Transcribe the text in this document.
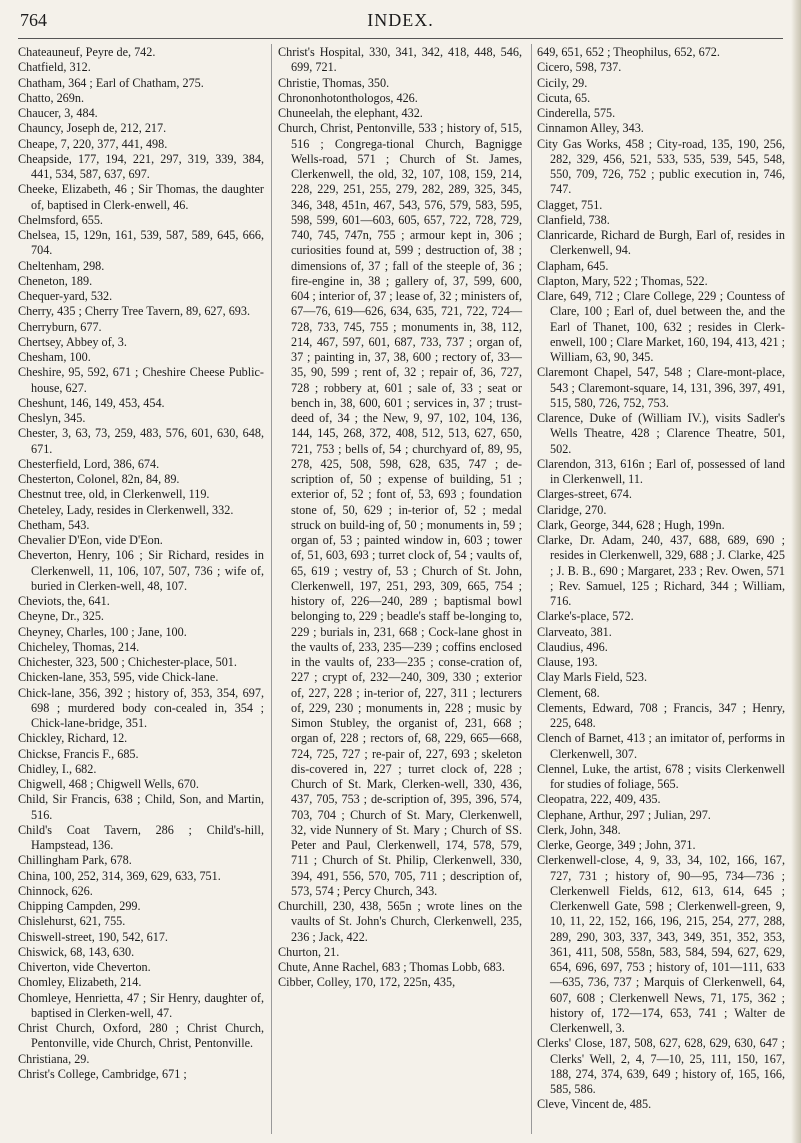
764	INDEX.

Chateauneuf, Peyre de, 742.

Chatfield, 312.

Chatham, 364 ; Earl of Chatham, 275.

Chatto, 269n.

Chaucer, 3, 484.

Chauncy, Joseph de, 212, 217.

Cheape, 7, 220, 377, 441, 498.

Cheapside, 177, 194, 221, 297, 319, 339, 384, 441, 534, 587, 637, 697.

Cheeke, Elizabeth, 46 ; Sir Thomas, the daughter of, baptised in Clerk-enwell, 46.

Chelmsford, 655.

Chelsea, 15, 129n, 161, 539, 587, 589, 645, 666, 704.

Cheltenham, 298.

Cheneton, 189.

Chequer-yard, 532.

Cherry, 435 ; Cherry Tree Tavern, 89, 627, 693.

Cherryburn, 677.

Chertsey, Abbey of, 3.

Chesham, 100.

Cheshire, 95, 592, 671 ; Cheshire Cheese Public-house, 627.

Cheshunt, 146, 149, 453, 454.

Cheslyn, 345.

Chester, 3, 63, 73, 259, 483, 576, 601, 630, 648, 671.

Chesterfield, Lord, 386, 674.

Chesterton, Colonel, 82n, 84, 89.

Chestnut tree, old, in Clerkenwell, 119.

Cheteley, Lady, resides in Clerkenwell, 332.

Chetham, 543.

Chevalier D'Eon, vide D'Eon.

Cheverton, Henry, 106 ; Sir Richard, resides in Clerkenwell, 11, 106, 107, 507, 736 ; wife of, buried in Clerken-well, 48, 107.

Cheviots, the, 641.

Cheyne, Dr., 325.

Cheyney, Charles, 100 ; Jane, 100.

Chicheley, Thomas, 214.

Chichester, 323, 500 ; Chichester-place, 501.

Chicken-lane, 353, 595, vide Chick-lane.

Chick-lane, 356, 392 ; history of, 353, 354, 697, 698 ; murdered body con-cealed in, 354 ; Chick-lane-bridge, 351.

Chickley, Richard, 12.

Chickse, Francis F., 685.

Chidley, I., 682.

Chigwell, 468 ; Chigwell Wells, 670.

Child, Sir Francis, 638 ; Child, Son, and Martin, 516.

Child's Coat Tavern, 286 ; Child's-hill, Hampstead, 136.

Chillingham Park, 678.

China, 100, 252, 314, 369, 629, 633, 751.

Chinnock, 626.

Chipping Campden, 299.

Chislehurst, 621, 755.

Chiswell-street, 190, 542, 617.

Chiswick, 68, 143, 630.

Chiverton, vide Cheverton.

Chomley, Elizabeth, 214.

Chomleye, Henrietta, 47 ; Sir Henry, daughter of, baptised in Clerken-well, 47.

Christ Church, Oxford, 280 ; Christ Church, Pentonville, vide Church, Christ, Pentonville.

Christiana, 29.

Christ's College, Cambridge, 671 ;

Christ's Hospital, 330, 341, 342, 418, 448, 546, 699, 721.

Christie, Thomas, 350.

Chrononhotonthologos, 426.

Chuneelah, the elephant, 432.

Church, Christ, Pentonville, 533 ; history of, 515, 516 ; Congrega-tional Church, Bagnigge Wells-road, 571 ; Church of St. James, Clerkenwell, the old, 32, 107, 108, 159, 214, 228, 229, 251, 255, 279, 282, 289, 325, 345, 346, 348, 451n, 467, 543, 576, 579, 583, 595, 598, 599, 601—603, 605, 657, 722, 728, 729, 740, 745, 747n, 755 ; armour kept in, 306 ; curiosities found at, 599 ; destruction of, 38 ; dimensions of, 37 ; fall of the steeple of, 36 ; fire-engine in, 38 ; gallery of, 37, 599, 600, 604 ; interior of, 37 ; lease of, 32 ; ministers of, 67—76, 619—626, 634, 635, 721, 722, 724—728, 733, 745, 755 ; monuments in, 38, 112, 214, 467, 597, 601, 687, 733, 737 ; organ of, 37 ; painting in, 37, 38, 600 ; rectory of, 33—35, 90, 599 ; rent of, 32 ; repair of, 36, 727, 728 ; robbery at, 601 ; sale of, 33 ; seat or bench in, 38, 600, 601 ; services in, 37 ; trust-deed of, 34 ; the New, 9, 97, 102, 104, 136, 144, 145, 268, 372, 408, 512, 513, 627, 650, 721, 753 ; bells of, 54 ; churchyard of, 89, 95, 278, 425, 508, 598, 628, 635, 747 ; de-scription of, 50 ; expense of building, 51 ; exterior of, 52 ; font of, 53, 693 ; foundation stone of, 50, 629 ; in-terior of, 52 ; medal struck on build-ing of, 50 ; monuments in, 59 ; organ of, 53 ; painted window in, 603 ; tower of, 51, 603, 693 ; turret clock of, 54 ; vaults of, 65, 619 ; vestry of, 53 ; Church of St. John, Clerkenwell, 197, 251, 293, 309, 665, 754 ; history of, 226—240, 289 ; baptismal bowl belonging to, 229 ; beadle's staff be-longing to, 229 ; burials in, 231, 668 ; Cock-lane ghost in the vaults of, 233, 235—239 ; coffins enclosed in the vaults of, 233—235 ; conse-cration of, 227 ; crypt of, 232—240, 309, 330 ; exterior of, 227, 228 ; in-terior of, 227, 311 ; lecturers of, 229, 230 ; monuments in, 228 ; music by Simon Stubley, the organist of, 231, 668 ; organ of, 228 ; rectors of, 68, 229, 665—668, 724, 725, 727 ; re-pair of, 227, 693 ; skeleton dis-covered in, 227 ; turret clock of, 228 ; Church of St. Mark, Clerken-well, 330, 436, 437, 705, 753 ; de-scription of, 395, 396, 574, 703, 704 ; Church of St. Mary, Clerkenwell, 32, vide Nunnery of St. Mary ; Church of SS. Peter and Paul, Clerkenwell, 174, 578, 579, 711 ; Church of St. Philip, Clerkenwell, 330, 394, 491, 556, 570, 705, 711 ; description of, 573, 574 ; Percy Church, 343.

Churchill, 230, 438, 565n ; wrote lines on the vaults of St. John's Church, Clerkenwell, 235, 236 ; Jack, 422.

Churton, 21.

Chute, Anne Rachel, 683 ; Thomas Lobb, 683.

Cibber, Colley, 170, 172, 225n, 435,

649, 651, 652 ; Theophilus, 652, 672.

Cicero, 598, 737.

Cicily, 29.

Cicuta, 65.

Cinderella, 575.

Cinnamon Alley, 343.

City Gas Works, 458 ; City-road, 135, 190, 256, 282, 329, 456, 521, 533, 535, 539, 545, 548, 550, 709, 726, 752 ; public execution in, 746, 747.

Clagget, 751.

Clanfield, 738.

Clanricarde, Richard de Burgh, Earl of, resides in Clerkenwell, 94.

Clapham, 645.

Clapton, Mary, 522 ; Thomas, 522.

Clare, 649, 712 ; Clare College, 229 ; Countess of Clare, 100 ; Earl of, duel between the, and the Earl of Thanet, 100, 632 ; resides in Clerk-enwell, 100 ; Clare Market, 160, 194, 413, 421 ; William, 63, 90, 345.

Claremont Chapel, 547, 548 ; Clare-mont-place, 543 ; Claremont-square, 14, 131, 396, 397, 491, 515, 580, 726, 752, 753.

Clarence, Duke of (William IV.), visits Sadler's Wells Theatre, 428 ; Clarence Theatre, 501, 502.

Clarendon, 313, 616n ; Earl of, possessed of land in Clerkenwell, 11.

Clarges-street, 674.

Claridge, 270.

Clark, George, 344, 628 ; Hugh, 199n.

Clarke, Dr. Adam, 240, 437, 688, 689, 690 ; resides in Clerkenwell, 329, 688 ; J. Clarke, 425 ; J. B. B., 690 ; Margaret, 233 ; Rev. Owen, 571 ; Rev. Samuel, 125 ; Richard, 344 ; William, 716.

Clarke's-place, 572.

Clarveato, 381.

Claudius, 496.

Clause, 193.

Clay Marls Field, 523.

Clement, 68.

Clements, Edward, 708 ; Francis, 347 ; Henry, 225, 648.

Clench of Barnet, 413 ; an imitator of, performs in Clerkenwell, 307.

Clennel, Luke, the artist, 678 ; visits Clerkenwell for studies of foliage, 565.

Cleopatra, 222, 409, 435.

Clephane, Arthur, 297 ; Julian, 297.

Clerk, John, 348.

Clerke, George, 349 ; John, 371.

Clerkenwell-close, 4, 9, 33, 34, 102, 166, 167, 727, 731 ; history of, 90—95, 734—736 ; Clerkenwell Fields, 612, 613, 614, 645 ; Clerkenwell Gate, 598 ; Clerkenwell-green, 9, 10, 11, 22, 152, 166, 196, 215, 254, 277, 288, 289, 290, 303, 337, 343, 349, 351, 352, 353, 361, 411, 508, 558n, 583, 584, 594, 627, 629, 654, 696, 697, 753 ; history of, 101—111, 633—635, 736, 737 ; Marquis of Clerkenwell, 64, 607, 608 ; Clerkenwell News, 71, 175, 362 ; history of, 172—174, 653, 741 ; Walter de Clerkenwell, 3.

Clerks' Close, 187, 508, 627, 628, 629, 630, 647 ; Clerks' Well, 2, 4, 7—10, 25, 111, 150, 167, 188, 274, 374, 639, 649 ; history of, 165, 166, 585, 586.

Cleve, Vincent de, 485.
